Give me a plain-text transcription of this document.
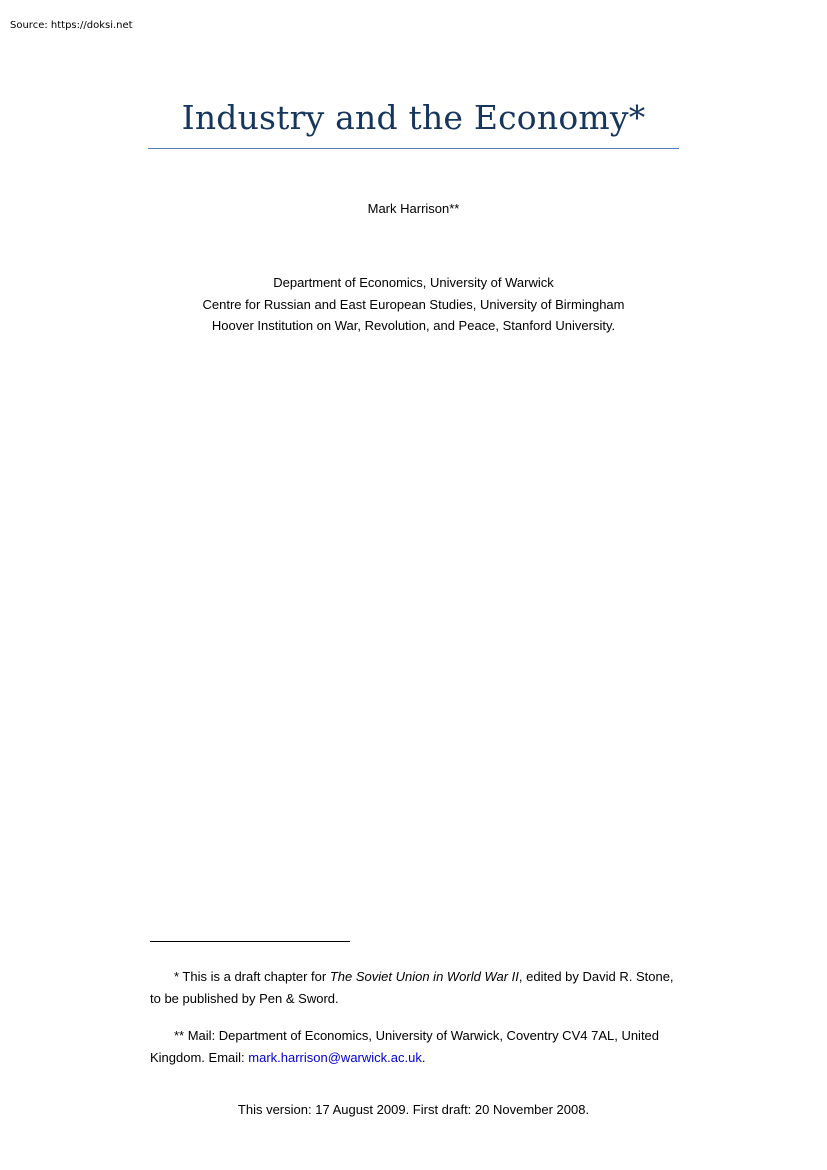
Source: https://doksi.net
Industry and the Economy*
Mark Harrison**
Department of Economics, University of Warwick
Centre for Russian and East European Studies, University of Birmingham
Hoover Institution on War, Revolution, and Peace, Stanford University.
* This is a draft chapter for The Soviet Union in World War II, edited by David R. Stone, to be published by Pen & Sword.
** Mail: Department of Economics, University of Warwick, Coventry CV4 7AL, United Kingdom. Email: mark.harrison@warwick.ac.uk.
This version: 17 August 2009. First draft: 20 November 2008.
